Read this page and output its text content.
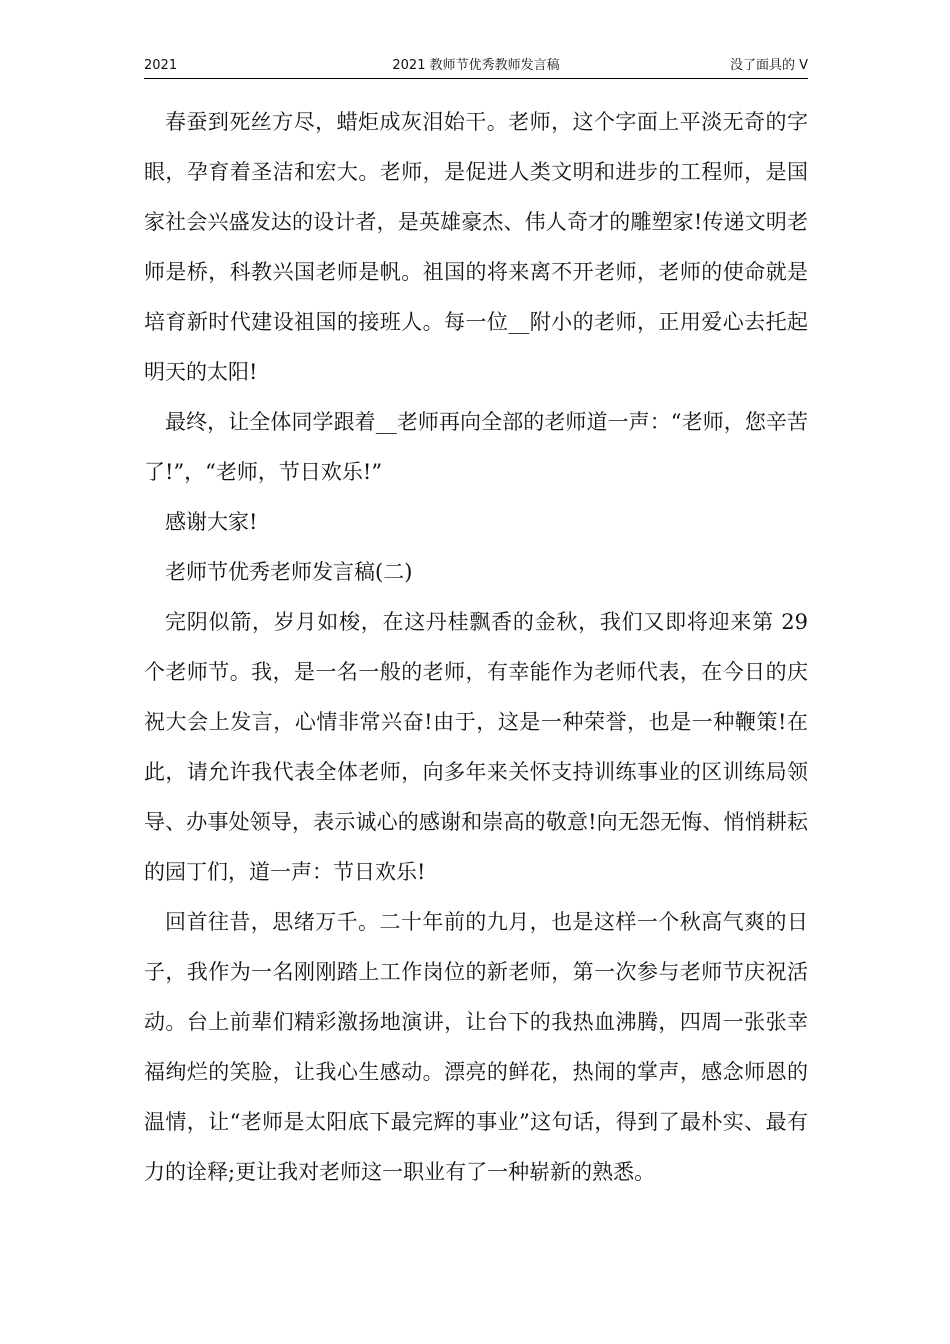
2021	2021 教师节优秀教师发言稿	没了面具的 V

春蚕到死丝方尽，蜡炬成灰泪始干。老师，这个字面上平淡无奇的字眼，孕育着圣洁和宏大。老师，是促进人类文明和进步的工程师，是国家社会兴盛发达的设计者，是英雄豪杰、伟人奇才的雕塑家!传递文明老师是桥，科教兴国老师是帆。祖国的将来离不开老师，老师的使命就是培育新时代建设祖国的接班人。每一位__附小的老师，正用爱心去托起明天的太阳!

最终，让全体同学跟着__老师再向全部的老师道一声：“老师，您辛苦了!”，“老师，节日欢乐!”

感谢大家!

老师节优秀老师发言稿(二)

完阴似箭，岁月如梭，在这丹桂飘香的金秋，我们又即将迎来第 29 个老师节。我，是一名一般的老师，有幸能作为老师代表，在今日的庆祝大会上发言，心情非常兴奋!由于，这是一种荣誉，也是一种鞭策!在此，请允许我代表全体老师，向多年来关怀支持训练事业的区训练局领导、办事处领导，表示诚心的感谢和崇高的敬意!向无怨无悔、悄悄耕耘的园丁们，道一声：节日欢乐!

回首往昔，思绪万千。二十年前的九月，也是这样一个秋高气爽的日子，我作为一名刚刚踏上工作岗位的新老师，第一次参与老师节庆祝活动。台上前辈们精彩激扬地演讲，让台下的我热血沸腾，四周一张张幸福绚烂的笑脸，让我心生感动。漂亮的鲜花，热闹的掌声，感念师恩的温情，让“老师是太阳底下最完辉的事业”这句话，得到了最朴实、最有力的诠释;更让我对老师这一职业有了一种崭新的熟悉。
